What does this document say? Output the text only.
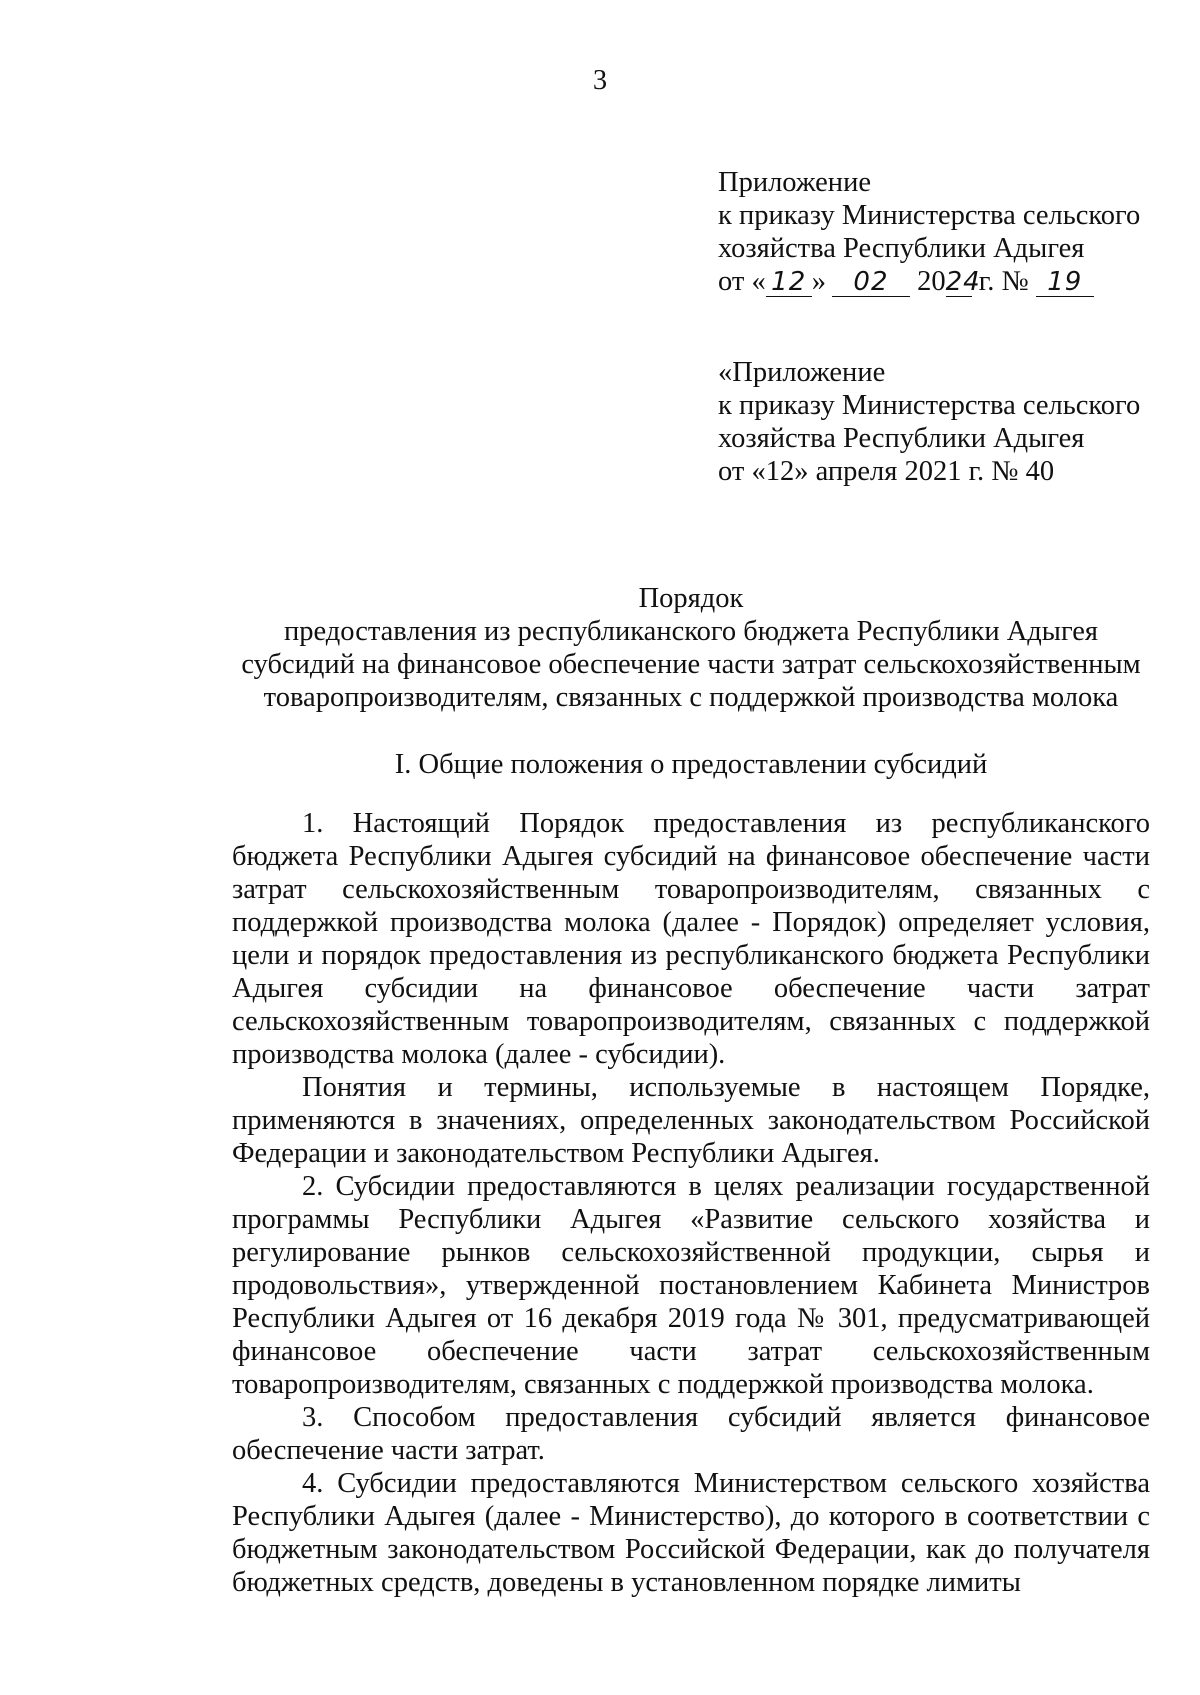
3
Приложение
к приказу Министерства сельского
хозяйства Республики Адыгея
от « 12 » 02 2024 г. № 19
«Приложение
к приказу Министерства сельского
хозяйства Республики Адыгея
от «12» апреля 2021 г. № 40
Порядок
предоставления из республиканского бюджета Республики Адыгея
субсидий на финансовое обеспечение части затрат сельскохозяйственным
товаропроизводителям, связанных с поддержкой производства молока
I. Общие положения о предоставлении субсидий

1. Настоящий Порядок предоставления из республиканского бюджета Республики Адыгея субсидий на финансовое обеспечение части затрат сельскохозяйственным товаропроизводителям, связанных с поддержкой производства молока (далее - Порядок) определяет условия, цели и порядок предоставления из республиканского бюджета Республики Адыгея субсидии на финансовое обеспечение части затрат сельскохозяйственным товаропроизводителям, связанных с поддержкой производства молока (далее - субсидии).

Понятия и термины, используемые в настоящем Порядке, применяются в значениях, определенных законодательством Российской Федерации и законодательством Республики Адыгея.

2. Субсидии предоставляются в целях реализации государственной программы Республики Адыгея «Развитие сельского хозяйства и регулирование рынков сельскохозяйственной продукции, сырья и продовольствия», утвержденной постановлением Кабинета Министров Республики Адыгея от 16 декабря 2019 года № 301, предусматривающей финансовое обеспечение части затрат сельскохозяйственным товаропроизводителям, связанных с поддержкой производства молока.

3. Способом предоставления субсидий является финансовое обеспечение части затрат.

4. Субсидии предоставляются Министерством сельского хозяйства Республики Адыгея (далее - Министерство), до которого в соответствии с бюджетным законодательством Российской Федерации, как до получателя бюджетных средств, доведены в установленном порядке лимиты
